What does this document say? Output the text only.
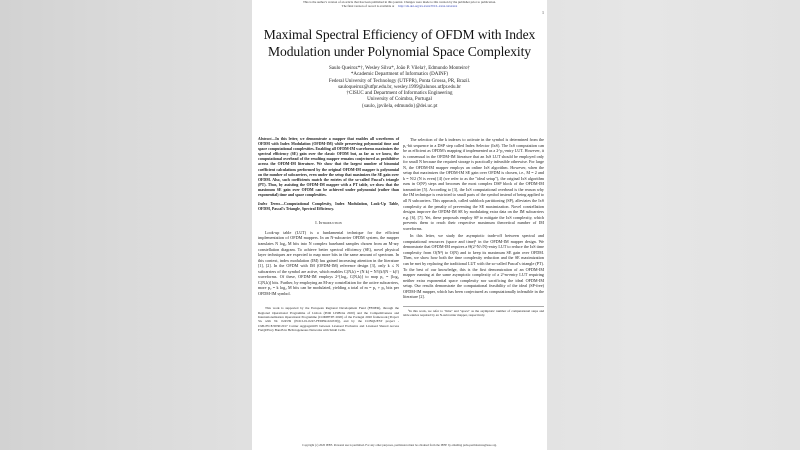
This is the author's version of an article that has been published in this journal. Changes were made to this version by the publisher prior to publication.
The final version of record is available at http://dx.doi.org/xx.xxxx/WCL.xxxx.xxxxxxx
1
Maximal Spectral Efficiency of OFDM with Index Modulation under Polynomial Space Complexity
Saulo Queiroz*†, Wesley Silva*, João P. Vilela†, Edmundo Monteiro†
*Academic Department of Informatics (DAINF)
Federal University of Technology (UTFPR), Ponta Grossa, PR, Brazil.
sauloqueiroz@utfpr.edu.br, wesley.1999@alunos.utfpr.edu.br
†CISUC and Department of Informatics Engineering
University of Coimbra, Portugal
{saulo, jpvilela, edmundo}@dei.uc.pt
Abstract—In this letter, we demonstrate a mapper that enables all waveforms of OFDM with Index Modulation (OFDM-IM) while preserving polynomial time and space computational complexities. Enabling all OFDM-IM waveforms maximizes the spectral efficiency (SE) gain over the classic OFDM but, as far as we know, the computational overhead of the resulting mapper remains conjectured as prohibitive across the OFDM-IM literature. We show that the largest number of binomial coefficient calculations performed by the original OFDM-IM mapper is polynomial on the number of subcarriers, even under the setup that maximizes the SE gain over OFDM. Also, such coefficients match the entries of the so-called Pascal's triangle (PT). Thus, by assisting the OFDM-IM mapper with a PT table, we show that the maximum SE gain over OFDM can be achieved under polynomial (rather than exponential) time and space complexities.
Index Terms—Computational Complexity, Index Modulation, Look-Up Table, OFDM, Pascal's Triangle, Spectral Efficiency.
I. Introduction

Look-up table (LUT) is a fundamental technique for the efficient implementation of OFDM mappers. In an N-subcarrier OFDM system, the mapper translates N log₂ M bits into N complex baseband samples chosen from an M-ary constellation diagram. To achieve better spectral efficiency (SE), novel physical layer techniques are expected to map more bits in the same amount of spectrum. In this context, index modulation (IM) has gained increasing attention in the literature [1], [2]. In the OFDM with IM (OFDM-IM) reference design [3], only k ≤ N subcarriers of the symbol are active, which enables C(N,k) = (N k) = N!/(k!(N − k)!) waveforms. Of these, OFDM-IM employs 2^⌊log₂ C(N,k)⌋ to map p₁ = ⌊log₂ C(N,k)⌋ bits. Further, by employing an M-ary constellation for the active subcarriers, more p₂ = k log₂ M bits can be modulated, yielding a total of m = p₁ + p₂ bits per OFDM-IM symbol.

This work is supported by the European Regional Development Fund (FEDER), through the Regional Operational Programme of Lisbon (POR LISBOA 2020) and the Competitiveness and Internationalization Operational Programme (COMPETE 2020) of the Portugal 2020 framework [Project 5G with Nr. 024539 (POCI-01-0247-FEDER-024539)], and by the CONQUEST project - CMU/ECE/0030/2017 Carrier AggregatiON between Licensed Exclusive and Licensed Shared Access FreQUEncy BandS in HeTerogeneous Networks with Small Cells.

The selection of the k indexes to activate in the symbol is determined from the p₁-bit sequence in a DSP step called Index Selector (IxS). The IxS computation can be as efficient as OFDM's mapping if implemented as a 2^p₁-entry LUT. However, it is consensual in the OFDM-IM literature that an IxS LUT should be employed only for small N because the required storage is practically infeasible otherwise. For large N, the OFDM-IM mapper employs an online IxS algorithm. However, when the setup that maximizes the OFDM-IM SE gain over OFDM is chosen, i.e., M = 2 and k = N/2 (N is even) [4] (we refer to as the "ideal setup"), the original IxS algorithm runs in O(N²) steps and becomes the most complex DSP block of the OFDM-IM transmitter [5]. According to [3], the IxS computational overhead is the reason why the IM technique is restricted to small parts of the symbol instead of being applied to all N subcarriers. This approach, called subblock partitioning (SP), alleviates the IxS complexity at the penalty of preventing the SE maximization. Novel constellation designs improve the OFDM-IM SE by modulating extra data on the IM subcarriers e.g. [6], [7]. Yet, these proposals employ SP to mitigate the IxS complexity, which prevents them to reach their respective maximum theoretical number of IM waveforms.

In this letter, we study the asymptotic trade-off between spectral and computational resources (space and time)¹ in the OFDM-IM mapper design. We demonstrate that OFDM-IM requires a Θ(2^N/√N)-entry LUT to reduce the IxS time complexity from O(N²) to O(N) and to keep its maximum SE gain over OFDM. Then, we show how both the time complexity reduction and the SE maximization can be met by replacing the traditional LUT with the so-called Pascal's triangle (PT). To the best of our knowledge, this is the first demonstration of an OFDM-IM mapper running at the same asymptotic complexity of a 2^m-entry LUT requiring neither extra exponential space complexity nor sacrificing the ideal OFDM-IM setup. Our results demonstrate the computational feasibility of the ideal (SP-free) OFDM-IM mapper, which has been conjectured as computationally infeasible in the literature [2].

¹In this work, we refer to "time" and "space" as the asymptotic number of computational steps and table entries required by an N-subcarrier mapper, respectively.
Copyright (c) 2020 IEEE. Personal use is permitted. For any other purposes, permission must be obtained from the IEEE by emailing pubs-permissions@ieee.org.
